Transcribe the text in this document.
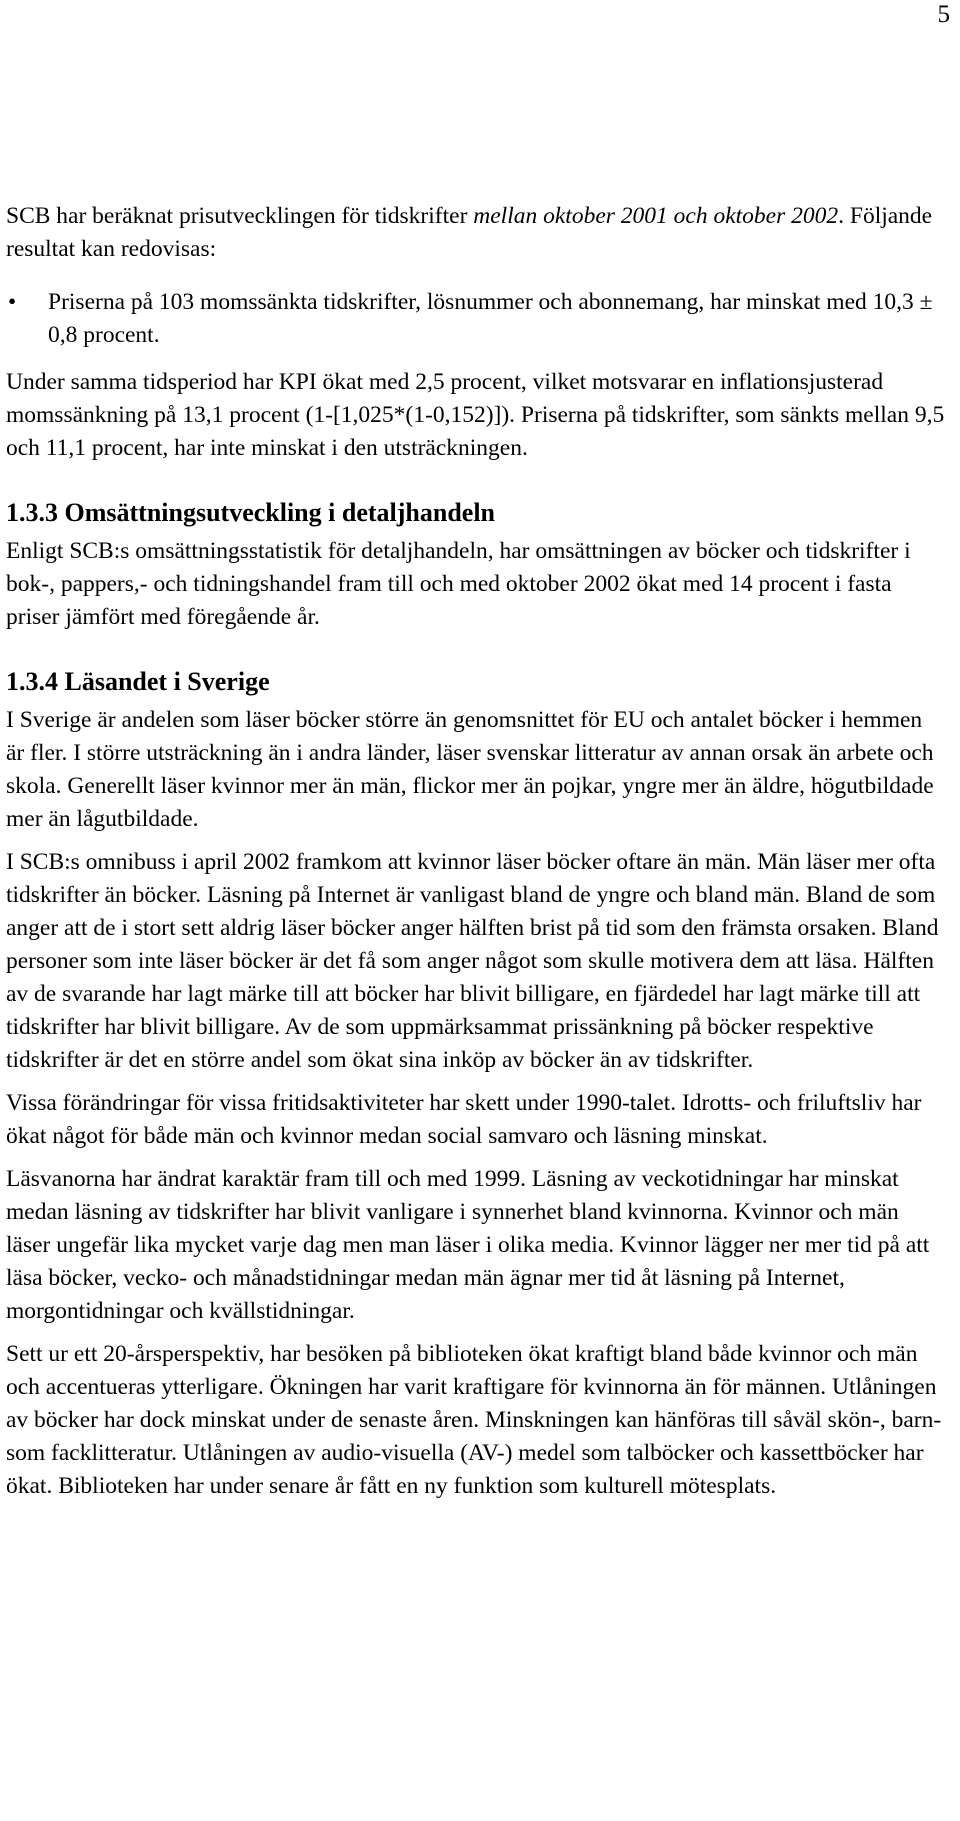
5

SCB har beräknat prisutvecklingen för tidskrifter mellan oktober 2001 och oktober 2002. Följande resultat kan redovisas:

•	Priserna på 103 momssänkta tidskrifter, lösnummer och abonnemang, har minskat med 10,3 ± 0,8 procent.

Under samma tidsperiod har KPI ökat med 2,5 procent, vilket motsvarar en inflationsjusterad momssänkning på 13,1 procent (1-[1,025*(1-0,152)]). Priserna på tidskrifter, som sänkts mellan 9,5 och 11,1 procent, har inte minskat i den utsträckningen.

1.3.3 Omsättningsutveckling i detaljhandeln

Enligt SCB:s omsättningsstatistik för detaljhandeln, har omsättningen av böcker och tidskrifter i bok-, pappers,- och tidningshandel fram till och med oktober 2002 ökat med 14 procent i fasta priser jämfört med föregående år.

1.3.4 Läsandet i Sverige

I Sverige är andelen som läser böcker större än genomsnittet för EU och antalet böcker i hemmen är fler. I större utsträckning än i andra länder, läser svenskar litteratur av annan orsak än arbete och skola. Generellt läser kvinnor mer än män, flickor mer än pojkar, yngre mer än äldre, högutbildade mer än lågutbildade.

I SCB:s omnibuss i april 2002 framkom att kvinnor läser böcker oftare än män. Män läser mer ofta tidskrifter än böcker. Läsning på Internet är vanligast bland de yngre och bland män. Bland de som anger att de i stort sett aldrig läser böcker anger hälften brist på tid som den främsta orsaken. Bland personer som inte läser böcker är det få som anger något som skulle motivera dem att läsa. Hälften av de svarande har lagt märke till att böcker har blivit billigare, en fjärdedel har lagt märke till att tidskrifter har blivit billigare. Av de som uppmärksammat prissänkning på böcker respektive tidskrifter är det en större andel som ökat sina inköp av böcker än av tidskrifter.

Vissa förändringar för vissa fritidsaktiviteter har skett under 1990-talet. Idrotts- och friluftsliv har ökat något för både män och kvinnor medan social samvaro och läsning minskat.

Läsvanorna har ändrat karaktär fram till och med 1999. Läsning av veckotidningar har minskat medan läsning av tidskrifter har blivit vanligare i synnerhet bland kvinnorna. Kvinnor och män läser ungefär lika mycket varje dag men man läser i olika media. Kvinnor lägger ner mer tid på att läsa böcker, vecko- och månadstidningar medan män ägnar mer tid åt läsning på Internet, morgontidningar och kvällstidningar.

Sett ur ett 20-årsperspektiv, har besöken på biblioteken ökat kraftigt bland både kvinnor och män och accentueras ytterligare. Ökningen har varit kraftigare för kvinnorna än för männen. Utlåningen av böcker har dock minskat under de senaste åren. Minskningen kan hänföras till såväl skön-, barn- som facklitteratur. Utlåningen av audio-visuella (AV-) medel som talböcker och kassettböcker har ökat. Biblioteken har under senare år fått en ny funktion som kulturell mötesplats.
